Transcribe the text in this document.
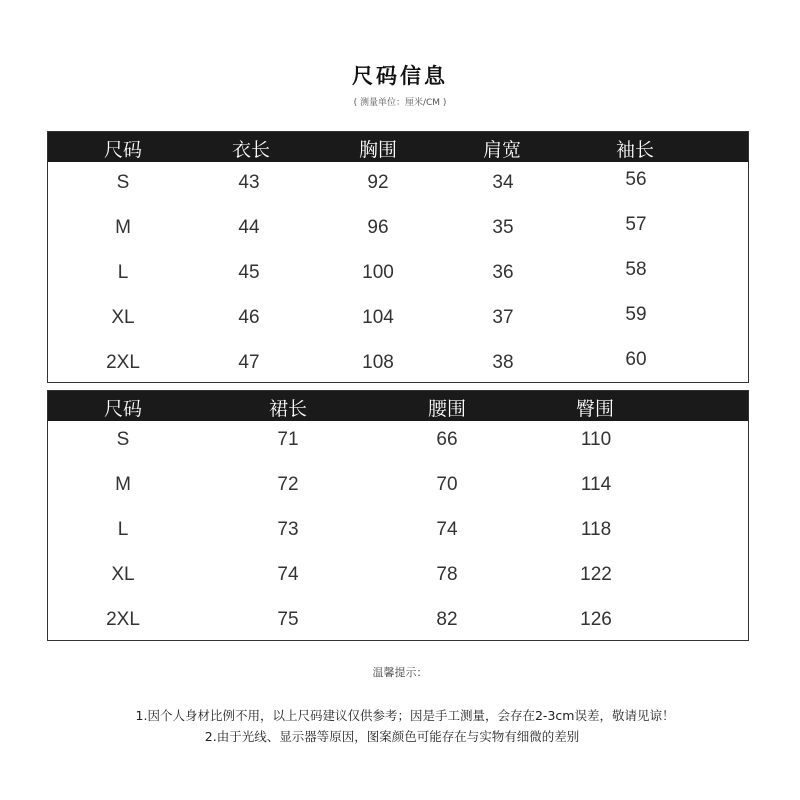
尺码信息
( 测量单位：厘米/CM )
尺码	衣长	胸围	肩宽	袖长
S	43	92	34	56
M	44	96	35	57
L	45	100	36	58
XL	46	104	37	59
2XL	47	108	38	60
尺码	裙长	腰围	臀围
S	71	66	110
M	72	70	114
L	73	74	118
XL	74	78	122
2XL	75	82	126
温馨提示：
1.因个人身材比例不用，以上尺码建议仅供参考；因是手工测量，会存在2-3cm误差，敬请见谅！
2.由于光线、显示器等原因，图案颜色可能存在与实物有细微的差别
